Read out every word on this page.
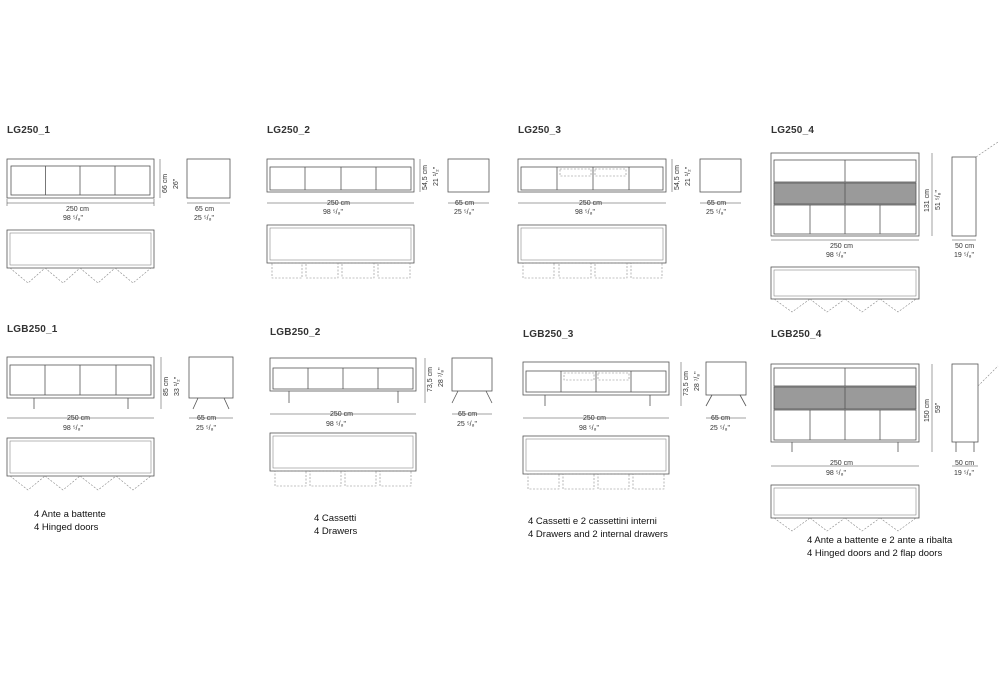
LG250_1
250 cm
98 ⁵/₈"
66 cm 26"
65 cm
25 ⁵/₈"
LG250_2
250 cm
98 ⁵/₈"
54,5 cm 21 ¹/₂"
65 cm
25 ⁵/₈"
LG250_3
250 cm
98 ⁵/₈"
54,5 cm 21 ¹/₂"
65 cm
25 ⁵/₈"
LG250_4
250 cm
98 ⁵/₈"
131 cm 51 ⁵/₈"
50 cm
19 ⁵/₈"
LGB250_1
250 cm
98 ⁵/₈"
85 cm 33 ¹/₂"
65 cm
25 ⁵/₈"
4 Ante a battente
4 Hinged doors
LGB250_2
250 cm
98 ⁵/₈"
73,5 cm 28 ⁷/₈"
65 cm
25 ⁵/₈"
4 Cassetti
4 Drawers
LGB250_3
250 cm
98 ⁵/₈"
73,5 cm 28 ⁷/₈"
65 cm
25 ⁵/₈"
4 Cassetti e 2 cassettini interni
4 Drawers and 2 internal drawers
LGB250_4
250 cm
98 ⁵/₈"
150 cm 59"
50 cm
19 ⁵/₈"
4 Ante a battente e 2 ante a ribalta
4 Hinged doors and 2 flap doors
